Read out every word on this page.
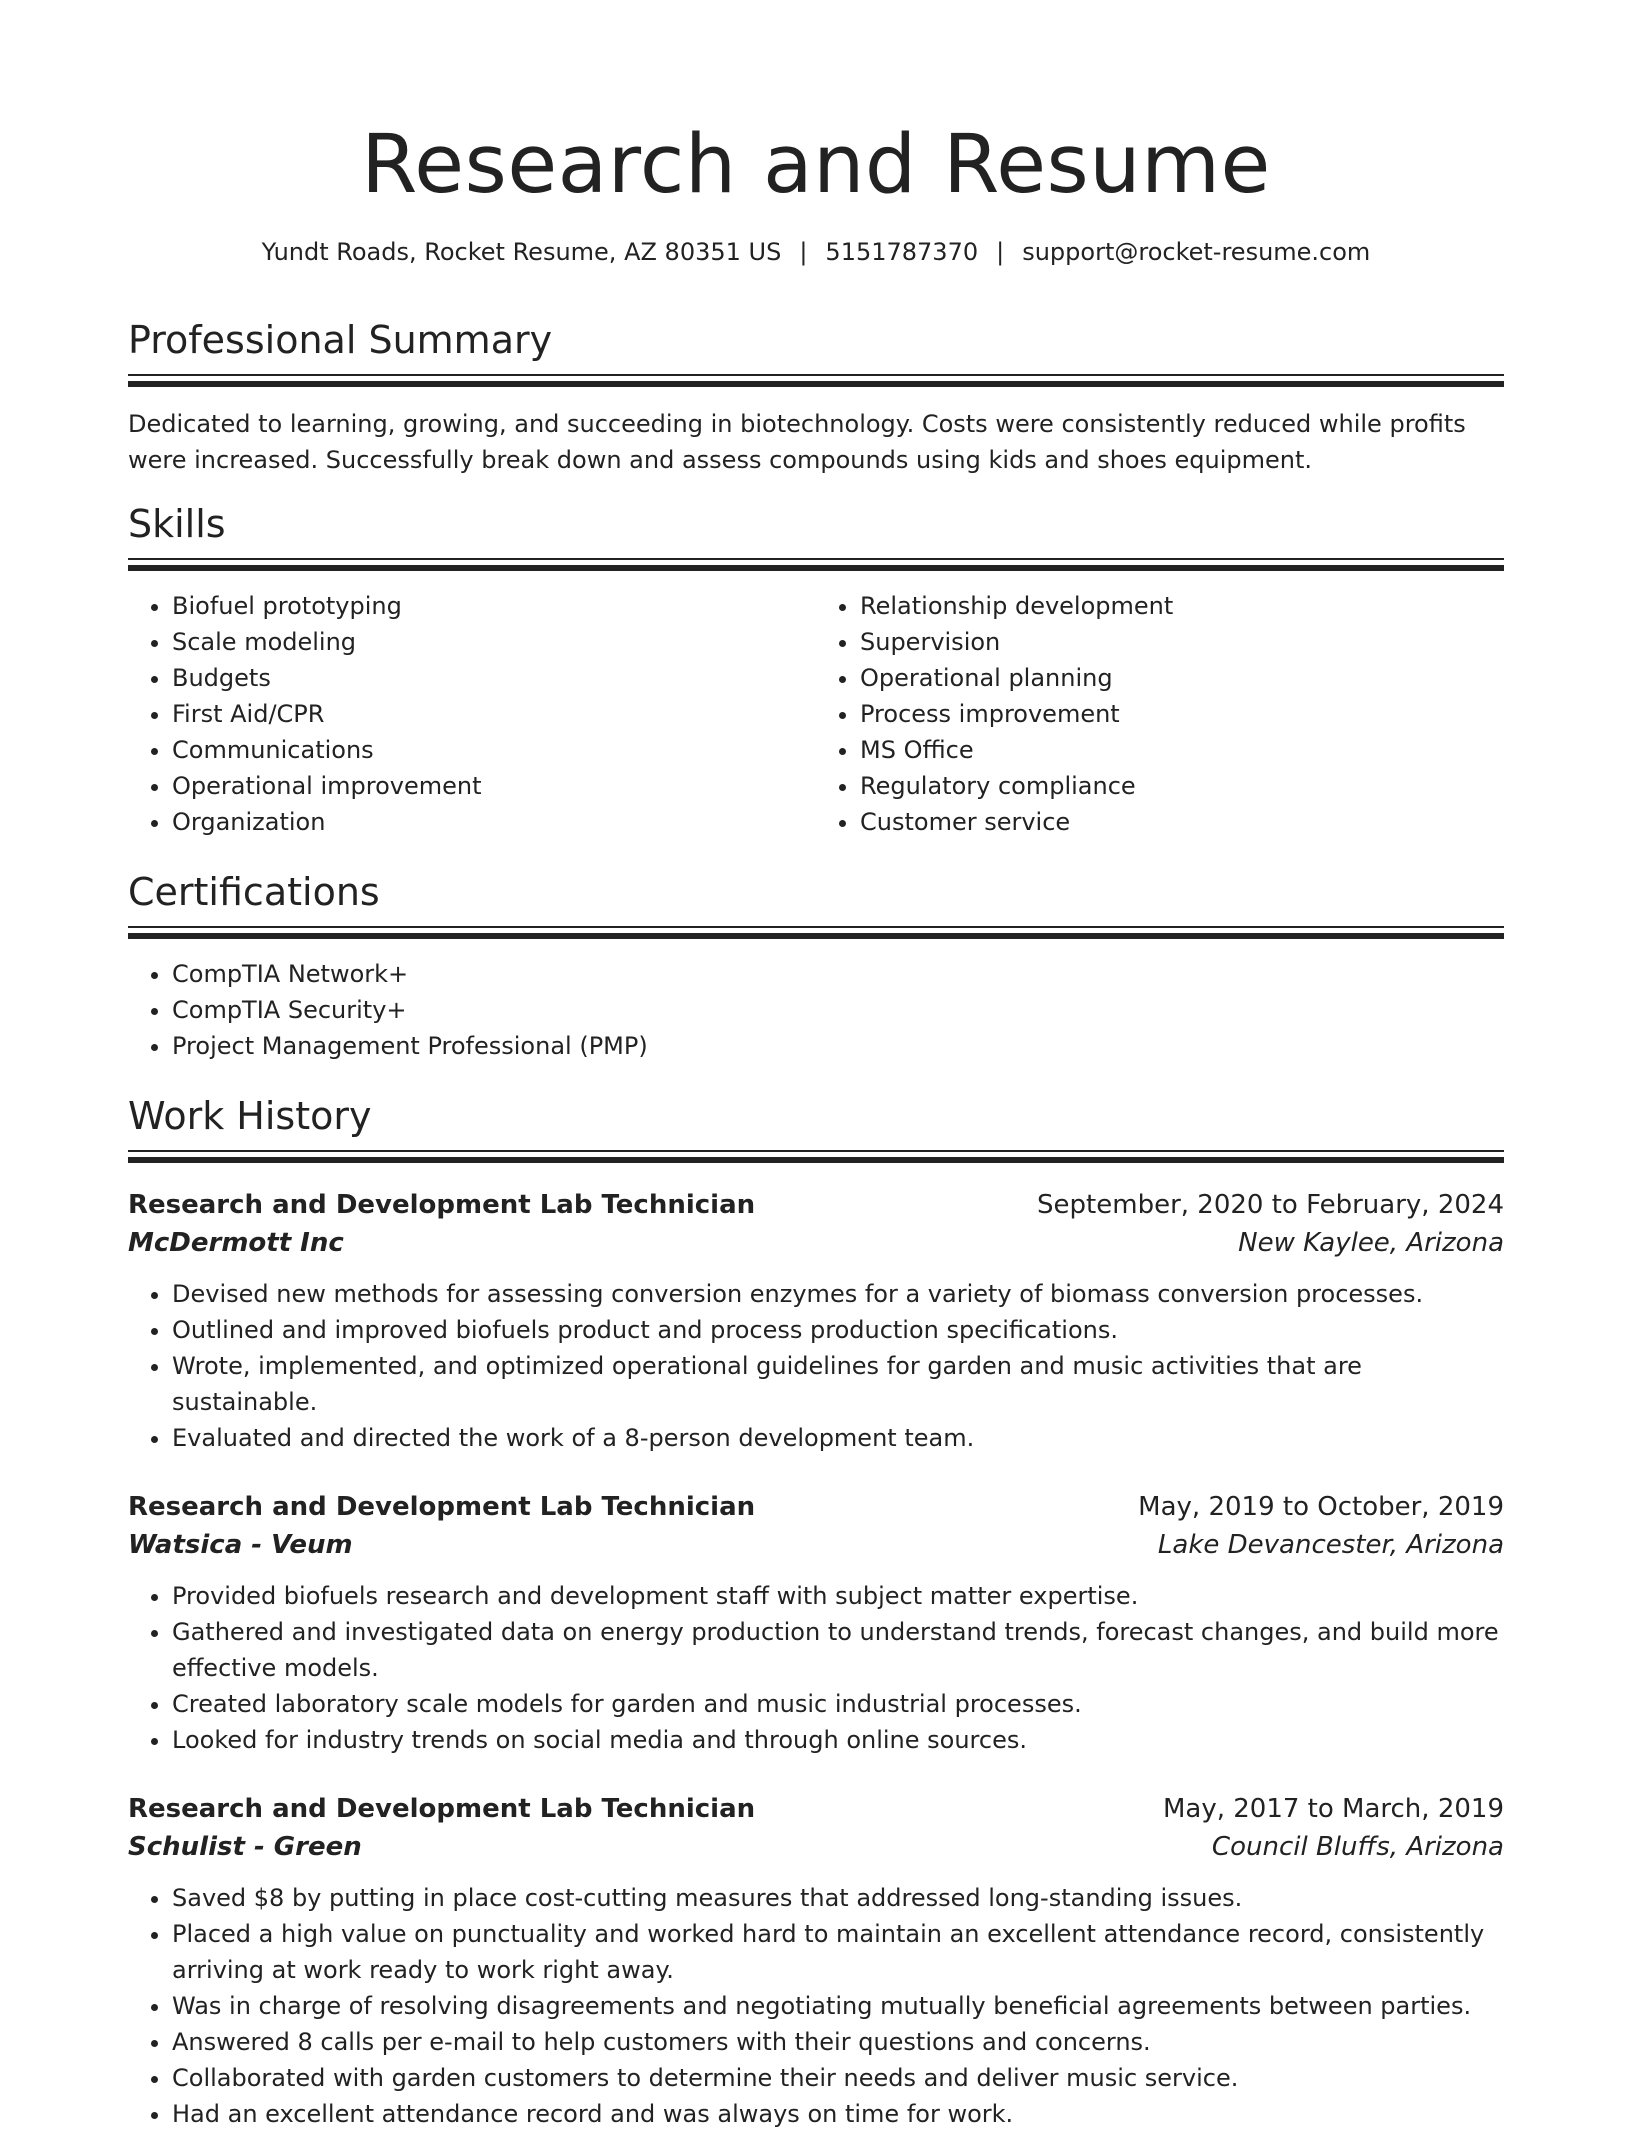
Research and Resume
Yundt Roads, Rocket Resume, AZ 80351 US | 5151787370 | support@rocket-resume.com
Professional Summary

Dedicated to learning, growing, and succeeding in biotechnology. Costs were consistently reduced while profits were increased. Successfully break down and assess compounds using kids and shoes equipment.

Skills
• Biofuel prototyping
• Scale modeling
• Budgets
• First Aid/CPR
• Communications
• Operational improvement
• Organization
• Relationship development
• Supervision
• Operational planning
• Process improvement
• MS Office
• Regulatory compliance
• Customer service
Certifications
• CompTIA Network+
• CompTIA Security+
• Project Management Professional (PMP)
Work History
Research and Development Lab Technician	September, 2020 to February, 2024
McDermott Inc	New Kaylee, Arizona
• Devised new methods for assessing conversion enzymes for a variety of biomass conversion processes.
• Outlined and improved biofuels product and process production specifications.
• Wrote, implemented, and optimized operational guidelines for garden and music activities that are sustainable.
• Evaluated and directed the work of a 8-person development team.
Research and Development Lab Technician	May, 2019 to October, 2019
Watsica - Veum	Lake Devancester, Arizona
• Provided biofuels research and development staff with subject matter expertise.
• Gathered and investigated data on energy production to understand trends, forecast changes, and build more effective models.
• Created laboratory scale models for garden and music industrial processes.
• Looked for industry trends on social media and through online sources.
Research and Development Lab Technician	May, 2017 to March, 2019
Schulist - Green	Council Bluffs, Arizona
• Saved $8 by putting in place cost-cutting measures that addressed long-standing issues.
• Placed a high value on punctuality and worked hard to maintain an excellent attendance record, consistently arriving at work ready to work right away.
• Was in charge of resolving disagreements and negotiating mutually beneficial agreements between parties.
• Answered 8 calls per e-mail to help customers with their questions and concerns.
• Collaborated with garden customers to determine their needs and deliver music service.
• Had an excellent attendance record and was always on time for work.
